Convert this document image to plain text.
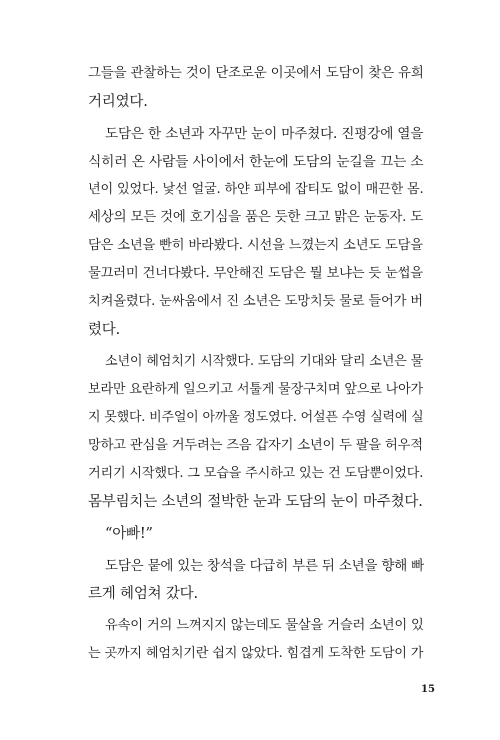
그들을 관찰하는 것이 단조로운 이곳에서 도담이 찾은 유희
거리였다.
도담은 한 소년과 자꾸만 눈이 마주쳤다. 진평강에 열을
식히러 온 사람들 사이에서 한눈에 도담의 눈길을 끄는 소
년이 있었다. 낯선 얼굴. 하얀 피부에 잡티도 없이 매끈한 몸.
세상의 모든 것에 호기심을 품은 듯한 크고 맑은 눈동자. 도
담은 소년을 빤히 바라봤다. 시선을 느꼈는지 소년도 도담을
물끄러미 건너다봤다. 무안해진 도담은 뭘 보냐는 듯 눈썹을
치켜올렸다. 눈싸움에서 진 소년은 도망치듯 물로 들어가 버
렸다.
소년이 헤엄치기 시작했다. 도담의 기대와 달리 소년은 물
보라만 요란하게 일으키고 서툴게 물장구치며 앞으로 나아가
지 못했다. 비주얼이 아까울 정도였다. 어설픈 수영 실력에 실
망하고 관심을 거두려는 즈음 갑자기 소년이 두 팔을 허우적
거리기 시작했다. 그 모습을 주시하고 있는 건 도담뿐이었다.
몸부림치는 소년의 절박한 눈과 도담의 눈이 마주쳤다.
“아빠!”
도담은 뭍에 있는 창석을 다급히 부른 뒤 소년을 향해 빠
르게 헤엄쳐 갔다.
유속이 거의 느껴지지 않는데도 물살을 거슬러 소년이 있
는 곳까지 헤엄치기란 쉽지 않았다. 힘겹게 도착한 도담이 가
15
